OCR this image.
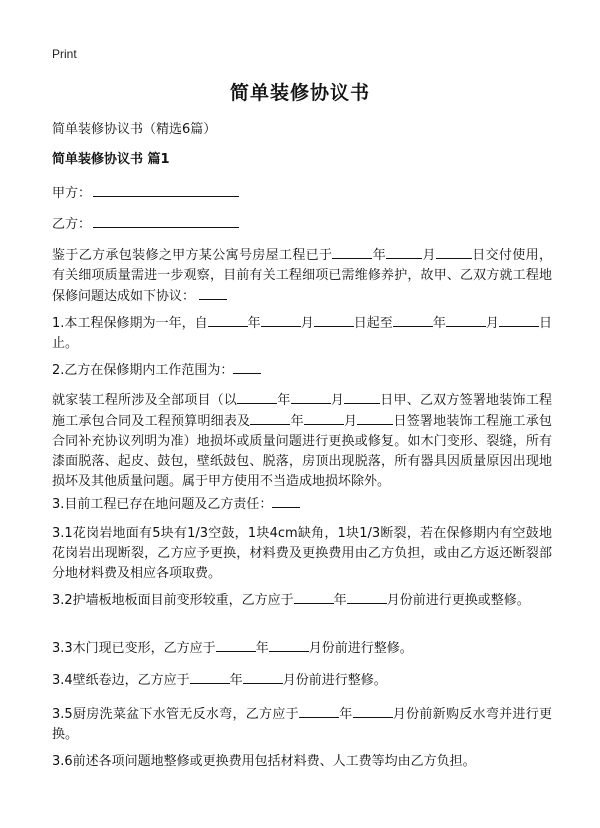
Print
简单装修协议书
简单装修协议书（精选6篇）
简单装修协议书 篇1
甲方：
乙方：
鉴于乙方承包装修之甲方某公寓号房屋工程已于	年	月	日交付使用，有关细项质量需进一步观察，目前有关工程细项已需维修养护，故甲、乙双方就工程地保修问题达成如下协议：
1.本工程保修期为一年，自	年	月	日起至	年	月	日止。
2.乙方在保修期内工作范围为：
就家装工程所涉及全部项目（以	年	月	日甲、乙双方签署地装饰工程施工承包合同及工程预算明细表及	年	月	日签署地装饰工程施工承包合同补充协议列明为准）地损坏或质量问题进行更换或修复。如木门变形、裂缝，所有漆面脱落、起皮、鼓包，壁纸鼓包、脱落，房顶出现脱落，所有器具因质量原因出现地损坏及其他质量问题。属于甲方使用不当造成地损坏除外。
3.目前工程已存在地问题及乙方责任：
3.1花岗岩地面有5块有1/3空鼓，1块4cm缺角，1块1/3断裂，若在保修期内有空鼓地花岗岩出现断裂，乙方应予更换，材料费及更换费用由乙方负担，或由乙方返还断裂部分地材料费及相应各项取费。
3.2护墙板地板面目前变形较重，乙方应于	年	月份前进行更换或整修。
3.3木门现已变形，乙方应于	年	月份前进行整修。
3.4壁纸卷边，乙方应于	年	月份前进行整修。
3.5厨房洗菜盆下水管无反水弯，乙方应于	年	月份前新购反水弯并进行更换。
3.6前述各项问题地整修或更换费用包括材料费、人工费等均由乙方负担。
